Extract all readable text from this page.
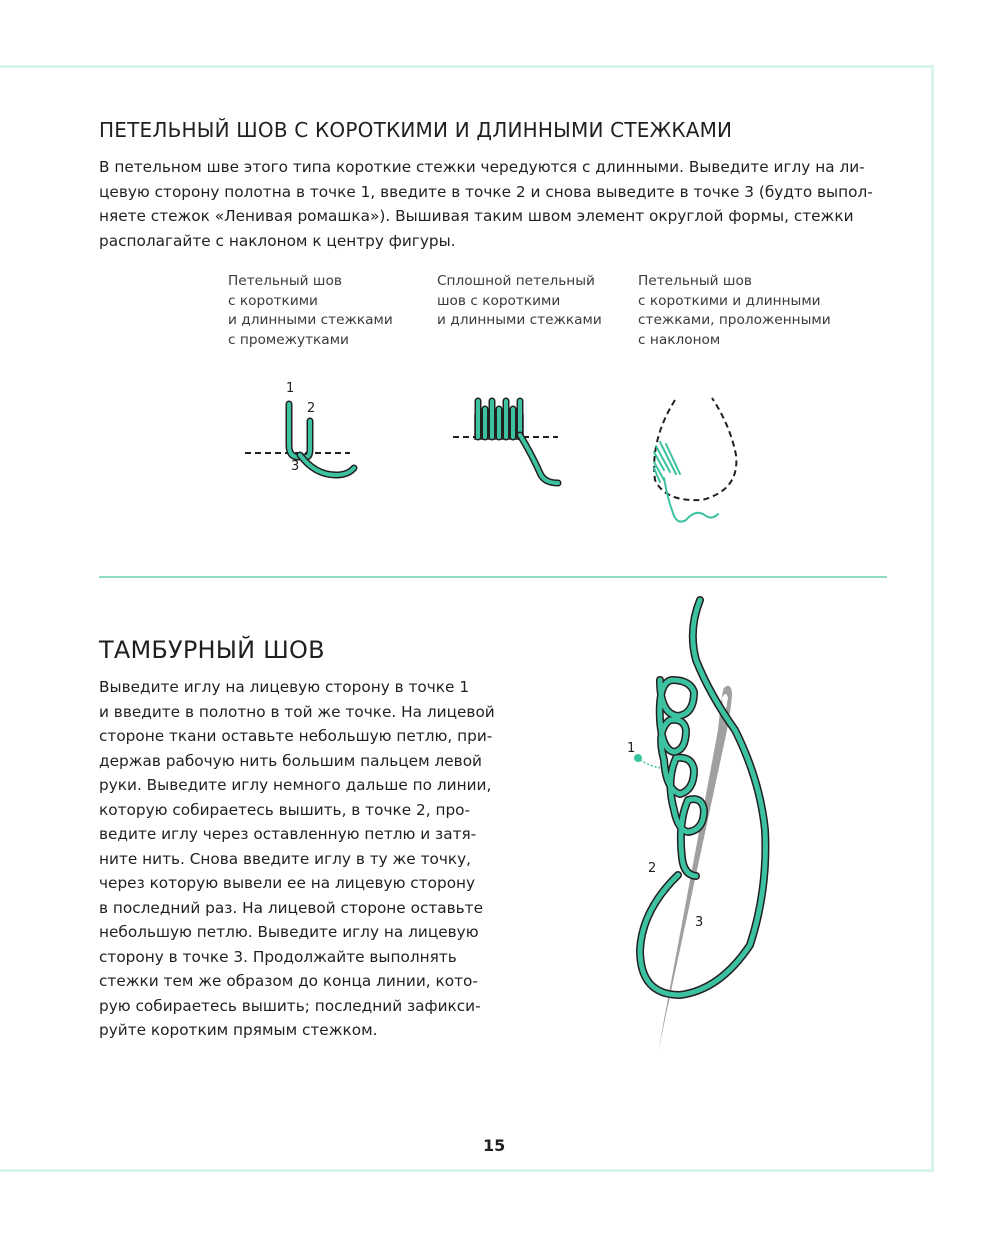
ПЕТЕЛЬНЫЙ ШОВ С КОРОТКИМИ И ДЛИННЫМИ СТЕЖКАМИ

В петельном шве этого типа короткие стежки чередуются с длинными. Выведите иглу на ли-
цевую сторону полотна в точке 1, введите в точке 2 и снова выведите в точке 3 (будто выпол-
няете стежок «Ленивая ромашка»). Вышивая таким швом элемент округлой формы, стежки
располагайте с наклоном к центру фигуры.

Петельный шов
с короткими
и длинными стежками
с промежутками

Сплошной петельный
шов с короткими
и длинными стежками

Петельный шов
с короткими и длинными
стежками, проложенными
с наклоном

1
2
3
ТАМБУРНЫЙ ШОВ

Выведите иглу на лицевую сторону в точке 1
и введите в полотно в той же точке. На лицевой
стороне ткани оставьте небольшую петлю, при-
держав рабочую нить большим пальцем левой
руки. Выведите иглу немного дальше по линии,
которую собираетесь вышить, в точке 2, про-
ведите иглу через оставленную петлю и затя-
ните нить. Снова введите иглу в ту же точку,
через которую вывели ее на лицевую сторону
в последний раз. На лицевой стороне оставьте
небольшую петлю. Выведите иглу на лицевую
сторону в точке 3. Продолжайте выполнять
стежки тем же образом до конца линии, кото-
рую собираетесь вышить; последний зафикси-
руйте коротким прямым стежком.

1
2
3
15
